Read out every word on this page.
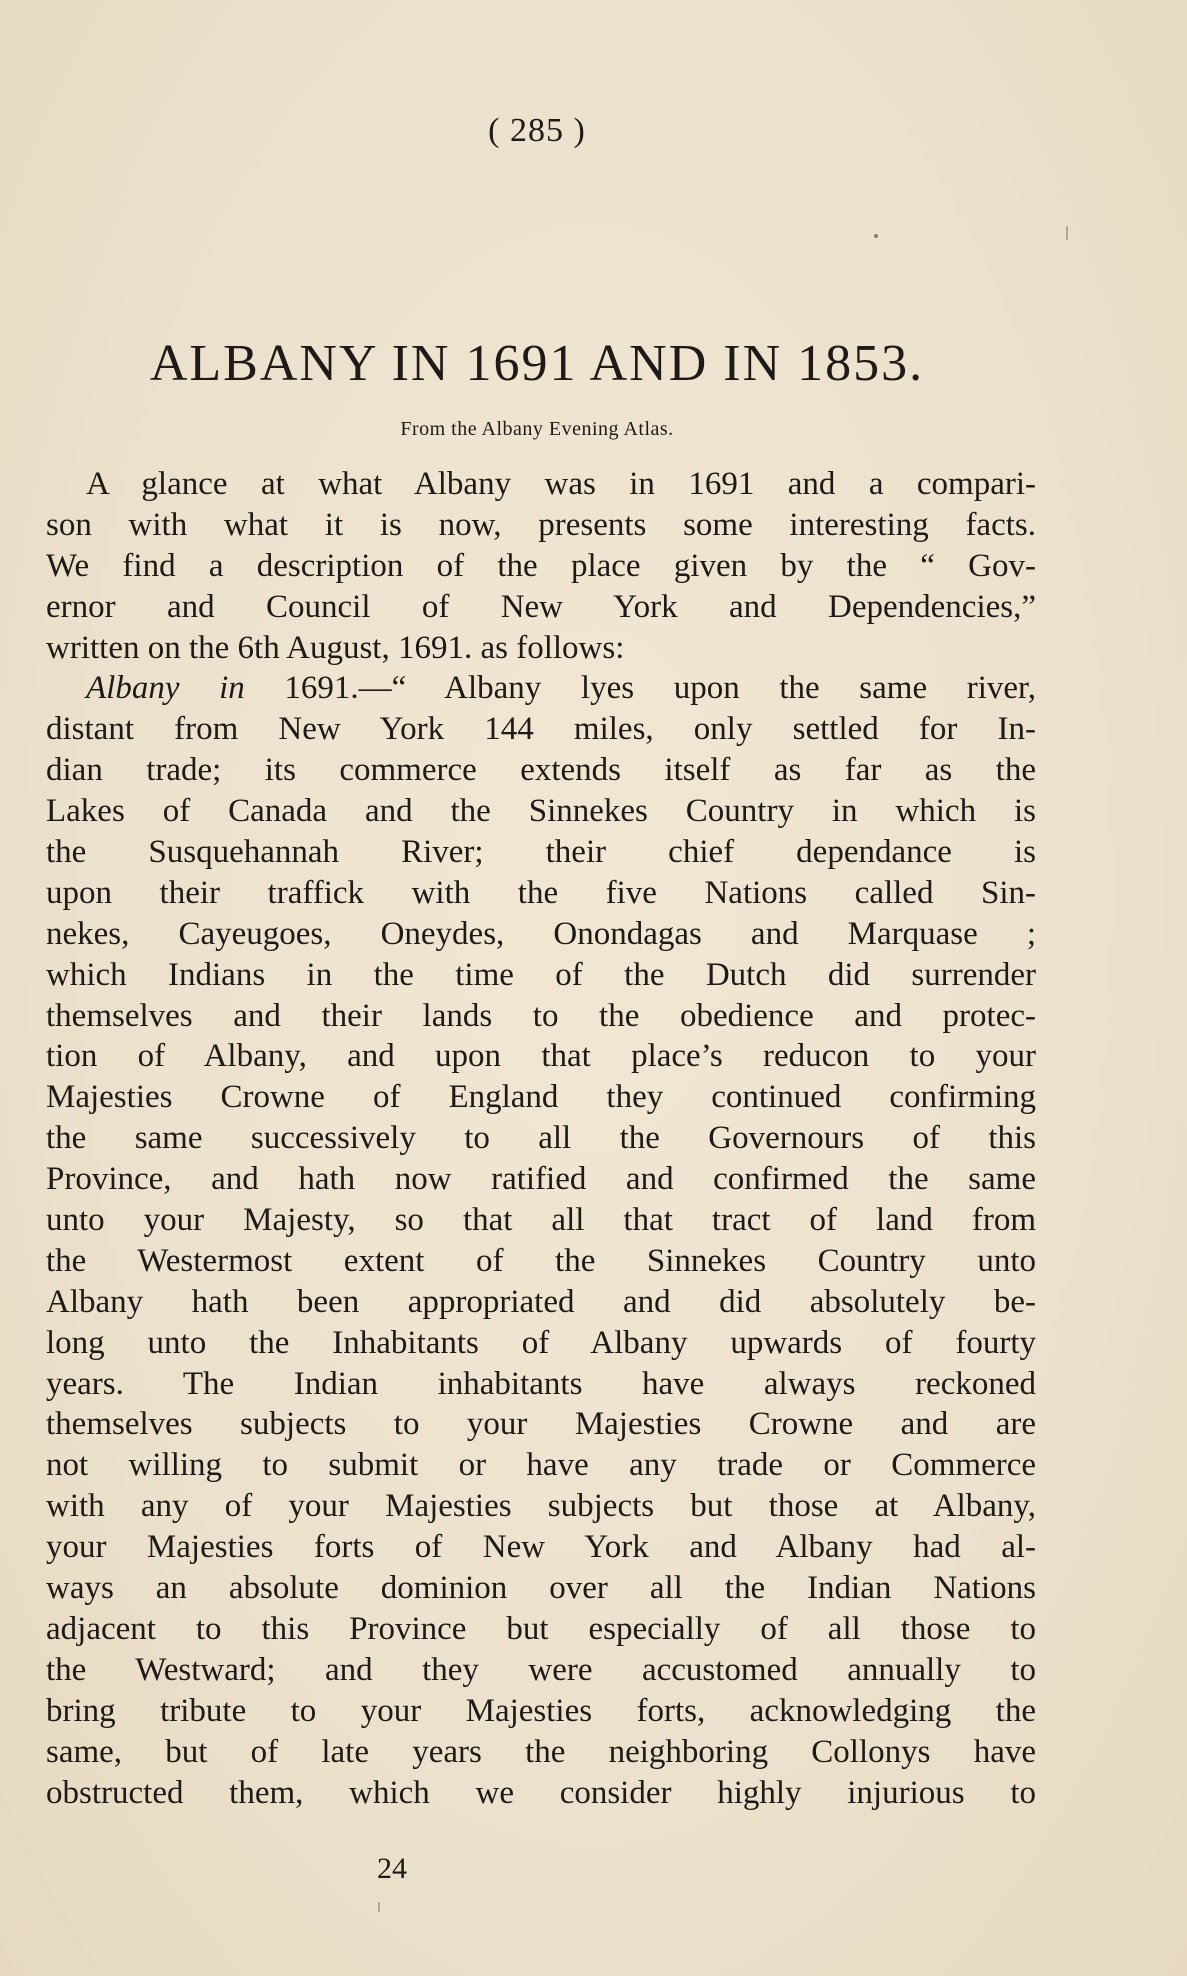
( 285 )
ALBANY IN 1691 AND IN 1853.
From the Albany Evening Atlas.
A glance at what Albany was in 1691 and a compari-
son with what it is now, presents some interesting facts.
We find a description of the place given by the “ Gov-
ernor and Council of New York and Dependencies,”
written on the 6th August, 1691. as follows:
Albany in 1691.—“ Albany lyes upon the same river,
distant from New York 144 miles, only settled for In-
dian trade; its commerce extends itself as far as the
Lakes of Canada and the Sinnekes Country in which is
the Susquehannah River; their chief dependance is
upon their traffick with the five Nations called Sin-
nekes, Cayeugoes, Oneydes, Onondagas and Marquase ;
which Indians in the time of the Dutch did surrender
themselves and their lands to the obedience and protec-
tion of Albany, and upon that place’s reducon to your
Majesties Crowne of England they continued confirming
the same successively to all the Governours of this
Province, and hath now ratified and confirmed the same
unto your Majesty, so that all that tract of land from
the Westermost extent of the Sinnekes Country unto
Albany hath been appropriated and did absolutely be-
long unto the Inhabitants of Albany upwards of fourty
years. The Indian inhabitants have always reckoned
themselves subjects to your Majesties Crowne and are
not willing to submit or have any trade or Commerce
with any of your Majesties subjects but those at Albany,
your Majesties forts of New York and Albany had al-
ways an absolute dominion over all the Indian Nations
adjacent to this Province but especially of all those to
the Westward; and they were accustomed annually to
bring tribute to your Majesties forts, acknowledging the
same, but of late years the neighboring Collonys have
obstructed them, which we consider highly injurious to
24
